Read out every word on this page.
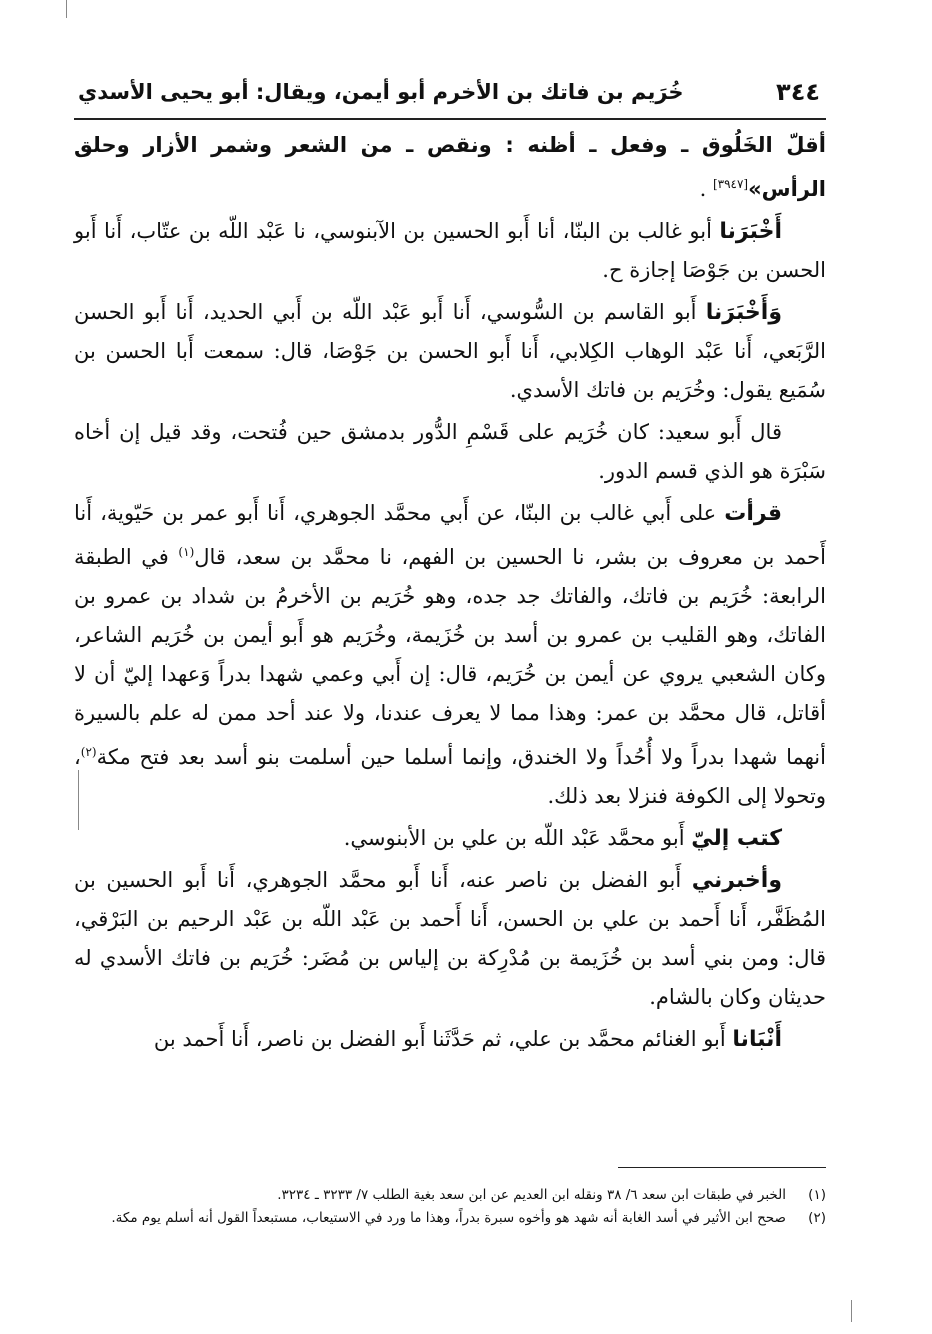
٣٤٤
خُرَيم بن فاتك بن الأخرم أبو أيمن، ويقال: أبو يحيى الأسدي

أقلّ الخَلُوق ـ وفعل ـ أظنه : ونقص ـ من الشعر وشمر الأزار وحلق الرأس»[٣٩٤٧] .

أَخْبَرَنا أبو غالب بن البنّا، أنا أَبو الحسين بن الآبنوسي، نا عَبْد اللّه بن عتّاب، أَنا أَبو الحسن بن جَوْصَا إجازة ح.

وَأَخْبَرَنا أَبو القاسم بن السُّوسي، أَنا أَبو عَبْد اللّه بن أَبي الحديد، أَنا أَبو الحسن الرَّبَعي، أَنا عَبْد الوهاب الكِلابي، أَنا أَبو الحسن بن جَوْصَا، قال: سمعت أَبا الحسن بن سُمَيع يقول: وخُرَيم بن فاتك الأسدي.

قال أَبو سعيد: كان خُرَيم على قَسْمِ الدُّور بدمشق حين فُتحت، وقد قيل إن أخاه سَبْرَة هو الذي قسم الدور.

قرأت على أَبي غالب بن البنّا، عن أَبي محمَّد الجوهري، أَنا أَبو عمر بن حَيّوية، أَنا أَحمد بن معروف بن بشر، نا الحسين بن الفهم، نا محمَّد بن سعد، قال$^{(١)}$ في الطبقة الرابعة: خُرَيم بن فاتك، والفاتك جد جده، وهو خُرَيم بن الأخرمُ بن شداد بن عمرو بن الفاتك، وهو القليب بن عمرو بن أسد بن خُزَيمة، وخُرَيم هو أَبو أيمن بن خُرَيم الشاعر، وكان الشعبي يروي عن أيمن بن خُرَيم، قال: إن أَبي وعمي شهدا بدراً وَعهدا إليّ أن لا أقاتل، قال محمَّد بن عمر: وهذا مما لا يعرف عندنا، ولا عند أحد ممن له علم بالسيرة أنهما شهدا بدراً ولا أُحُداً ولا الخندق، وإنما أسلما حين أسلمت بنو أسد بعد فتح مكة$^{(٢)}$، وتحولا إلى الكوفة فنزلا بعد ذلك.

كتب إليّ أَبو محمَّد عَبْد اللّه بن علي بن الأبنوسي.

وأخبرني أَبو الفضل بن ناصر عنه، أَنا أَبو محمَّد الجوهري، أَنا أَبو الحسين بن المُظَفَّر، أَنا أَحمد بن علي بن الحسن، أَنا أَحمد بن عَبْد اللّه بن عَبْد الرحيم بن البَرْقي، قال: ومن بني أسد بن خُزَيمة بن مُدْرِكة بن إلياس بن مُضَر: خُرَيم بن فاتك الأسدي له حديثان وكان بالشام.

أَنْبَانا أَبو الغنائم محمَّد بن علي، ثم حَدَّثَنا أَبو الفضل بن ناصر، أَنا أَحمد بن

(١)
الخبر في طبقات ابن سعد ٦/ ٣٨ ونقله ابن العديم عن ابن سعد بغية الطلب ٧/ ٣٢٣٣ ـ ٣٢٣٤.
(٢)
صحح ابن الأثير في أسد الغابة أنه شهد هو وأخوه سبرة بدراً، وهذا ما ورد في الاستيعاب، مستبعداً القول أنه أسلم يوم مكة.
